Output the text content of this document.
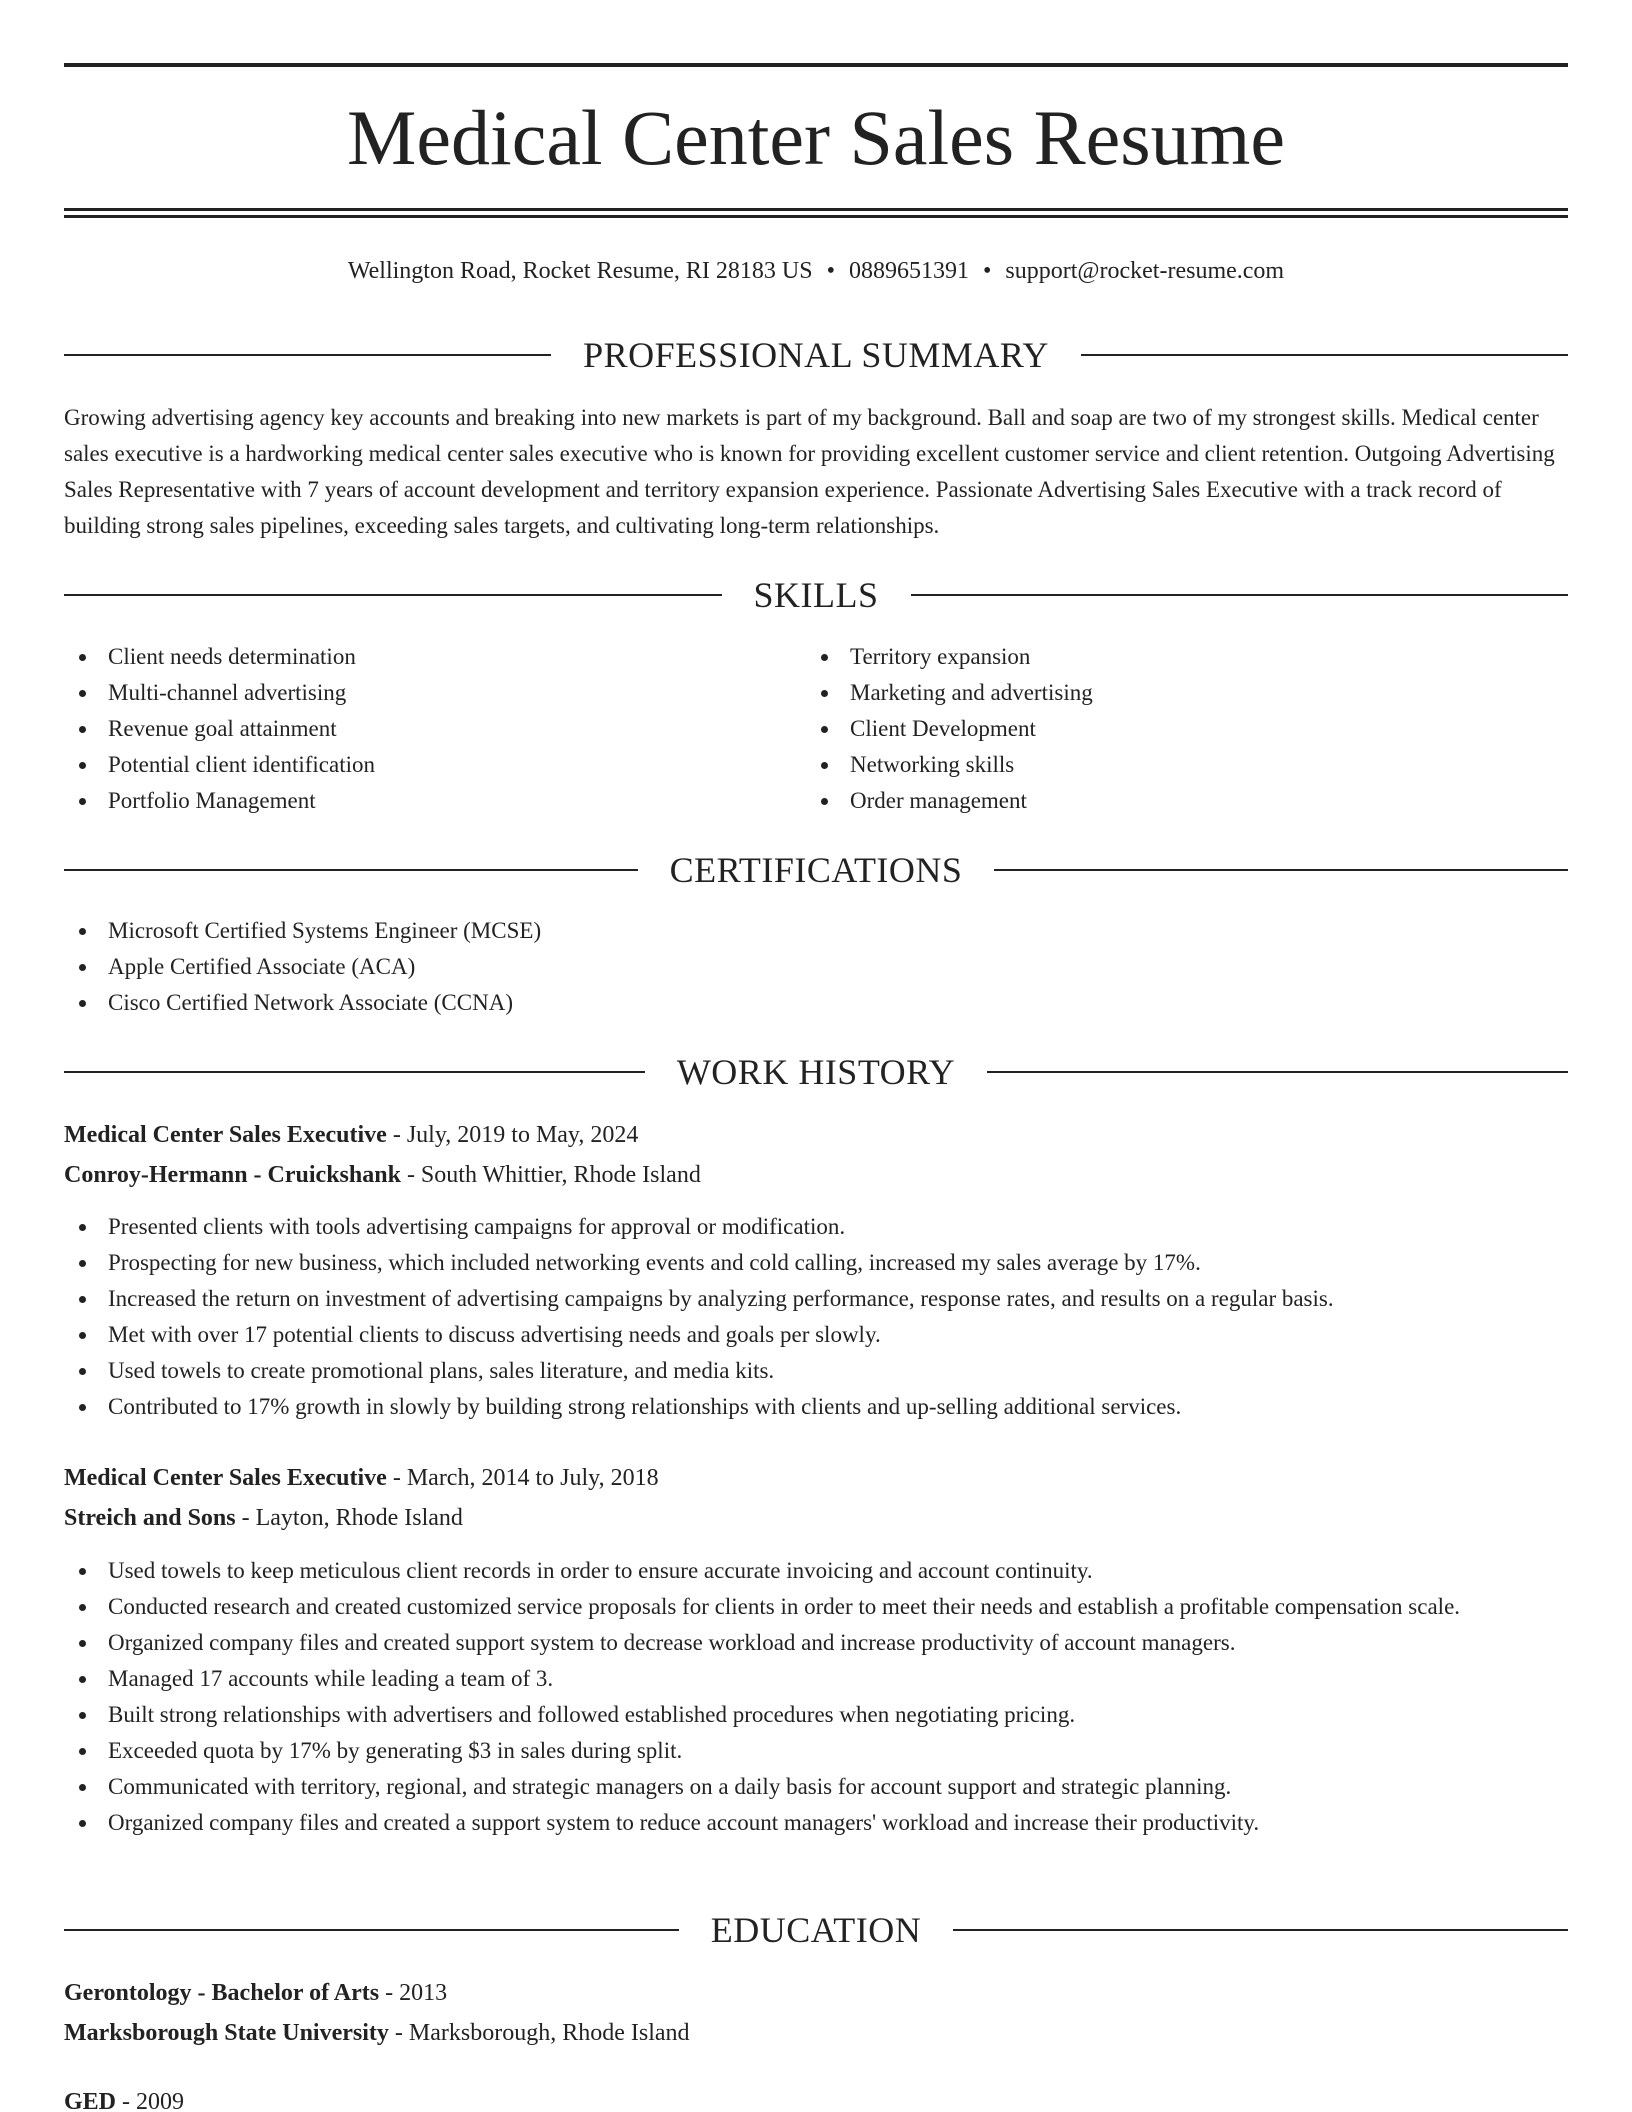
Medical Center Sales Resume
Wellington Road, Rocket Resume, RI 28183 US • 0889651391 • support@rocket-resume.com
PROFESSIONAL SUMMARY

Growing advertising agency key accounts and breaking into new markets is part of my background. Ball and soap are two of my strongest skills. Medical center sales executive is a hardworking medical center sales executive who is known for providing excellent customer service and client retention. Outgoing Advertising Sales Representative with 7 years of account development and territory expansion experience. Passionate Advertising Sales Executive with a track record of building strong sales pipelines, exceeding sales targets, and cultivating long-term relationships.

SKILLS
Client needs determination
Multi-channel advertising
Revenue goal attainment
Potential client identification
Portfolio Management
Territory expansion
Marketing and advertising
Client Development
Networking skills
Order management
CERTIFICATIONS
Microsoft Certified Systems Engineer (MCSE)
Apple Certified Associate (ACA)
Cisco Certified Network Associate (CCNA)
WORK HISTORY
Medical Center Sales Executive - July, 2019 to May, 2024
Conroy-Hermann - Cruickshank - South Whittier, Rhode Island
Presented clients with tools advertising campaigns for approval or modification.
Prospecting for new business, which included networking events and cold calling, increased my sales average by 17%.
Increased the return on investment of advertising campaigns by analyzing performance, response rates, and results on a regular basis.
Met with over 17 potential clients to discuss advertising needs and goals per slowly.
Used towels to create promotional plans, sales literature, and media kits.
Contributed to 17% growth in slowly by building strong relationships with clients and up-selling additional services.
Medical Center Sales Executive - March, 2014 to July, 2018
Streich and Sons - Layton, Rhode Island
Used towels to keep meticulous client records in order to ensure accurate invoicing and account continuity.
Conducted research and created customized service proposals for clients in order to meet their needs and establish a profitable compensation scale.
Organized company files and created support system to decrease workload and increase productivity of account managers.
Managed 17 accounts while leading a team of 3.
Built strong relationships with advertisers and followed established procedures when negotiating pricing.
Exceeded quota by 17% by generating $3 in sales during split.
Communicated with territory, regional, and strategic managers on a daily basis for account support and strategic planning.
Organized company files and created a support system to reduce account managers' workload and increase their productivity.
EDUCATION
Gerontology - Bachelor of Arts - 2013
Marksborough State University - Marksborough, Rhode Island
GED - 2009
